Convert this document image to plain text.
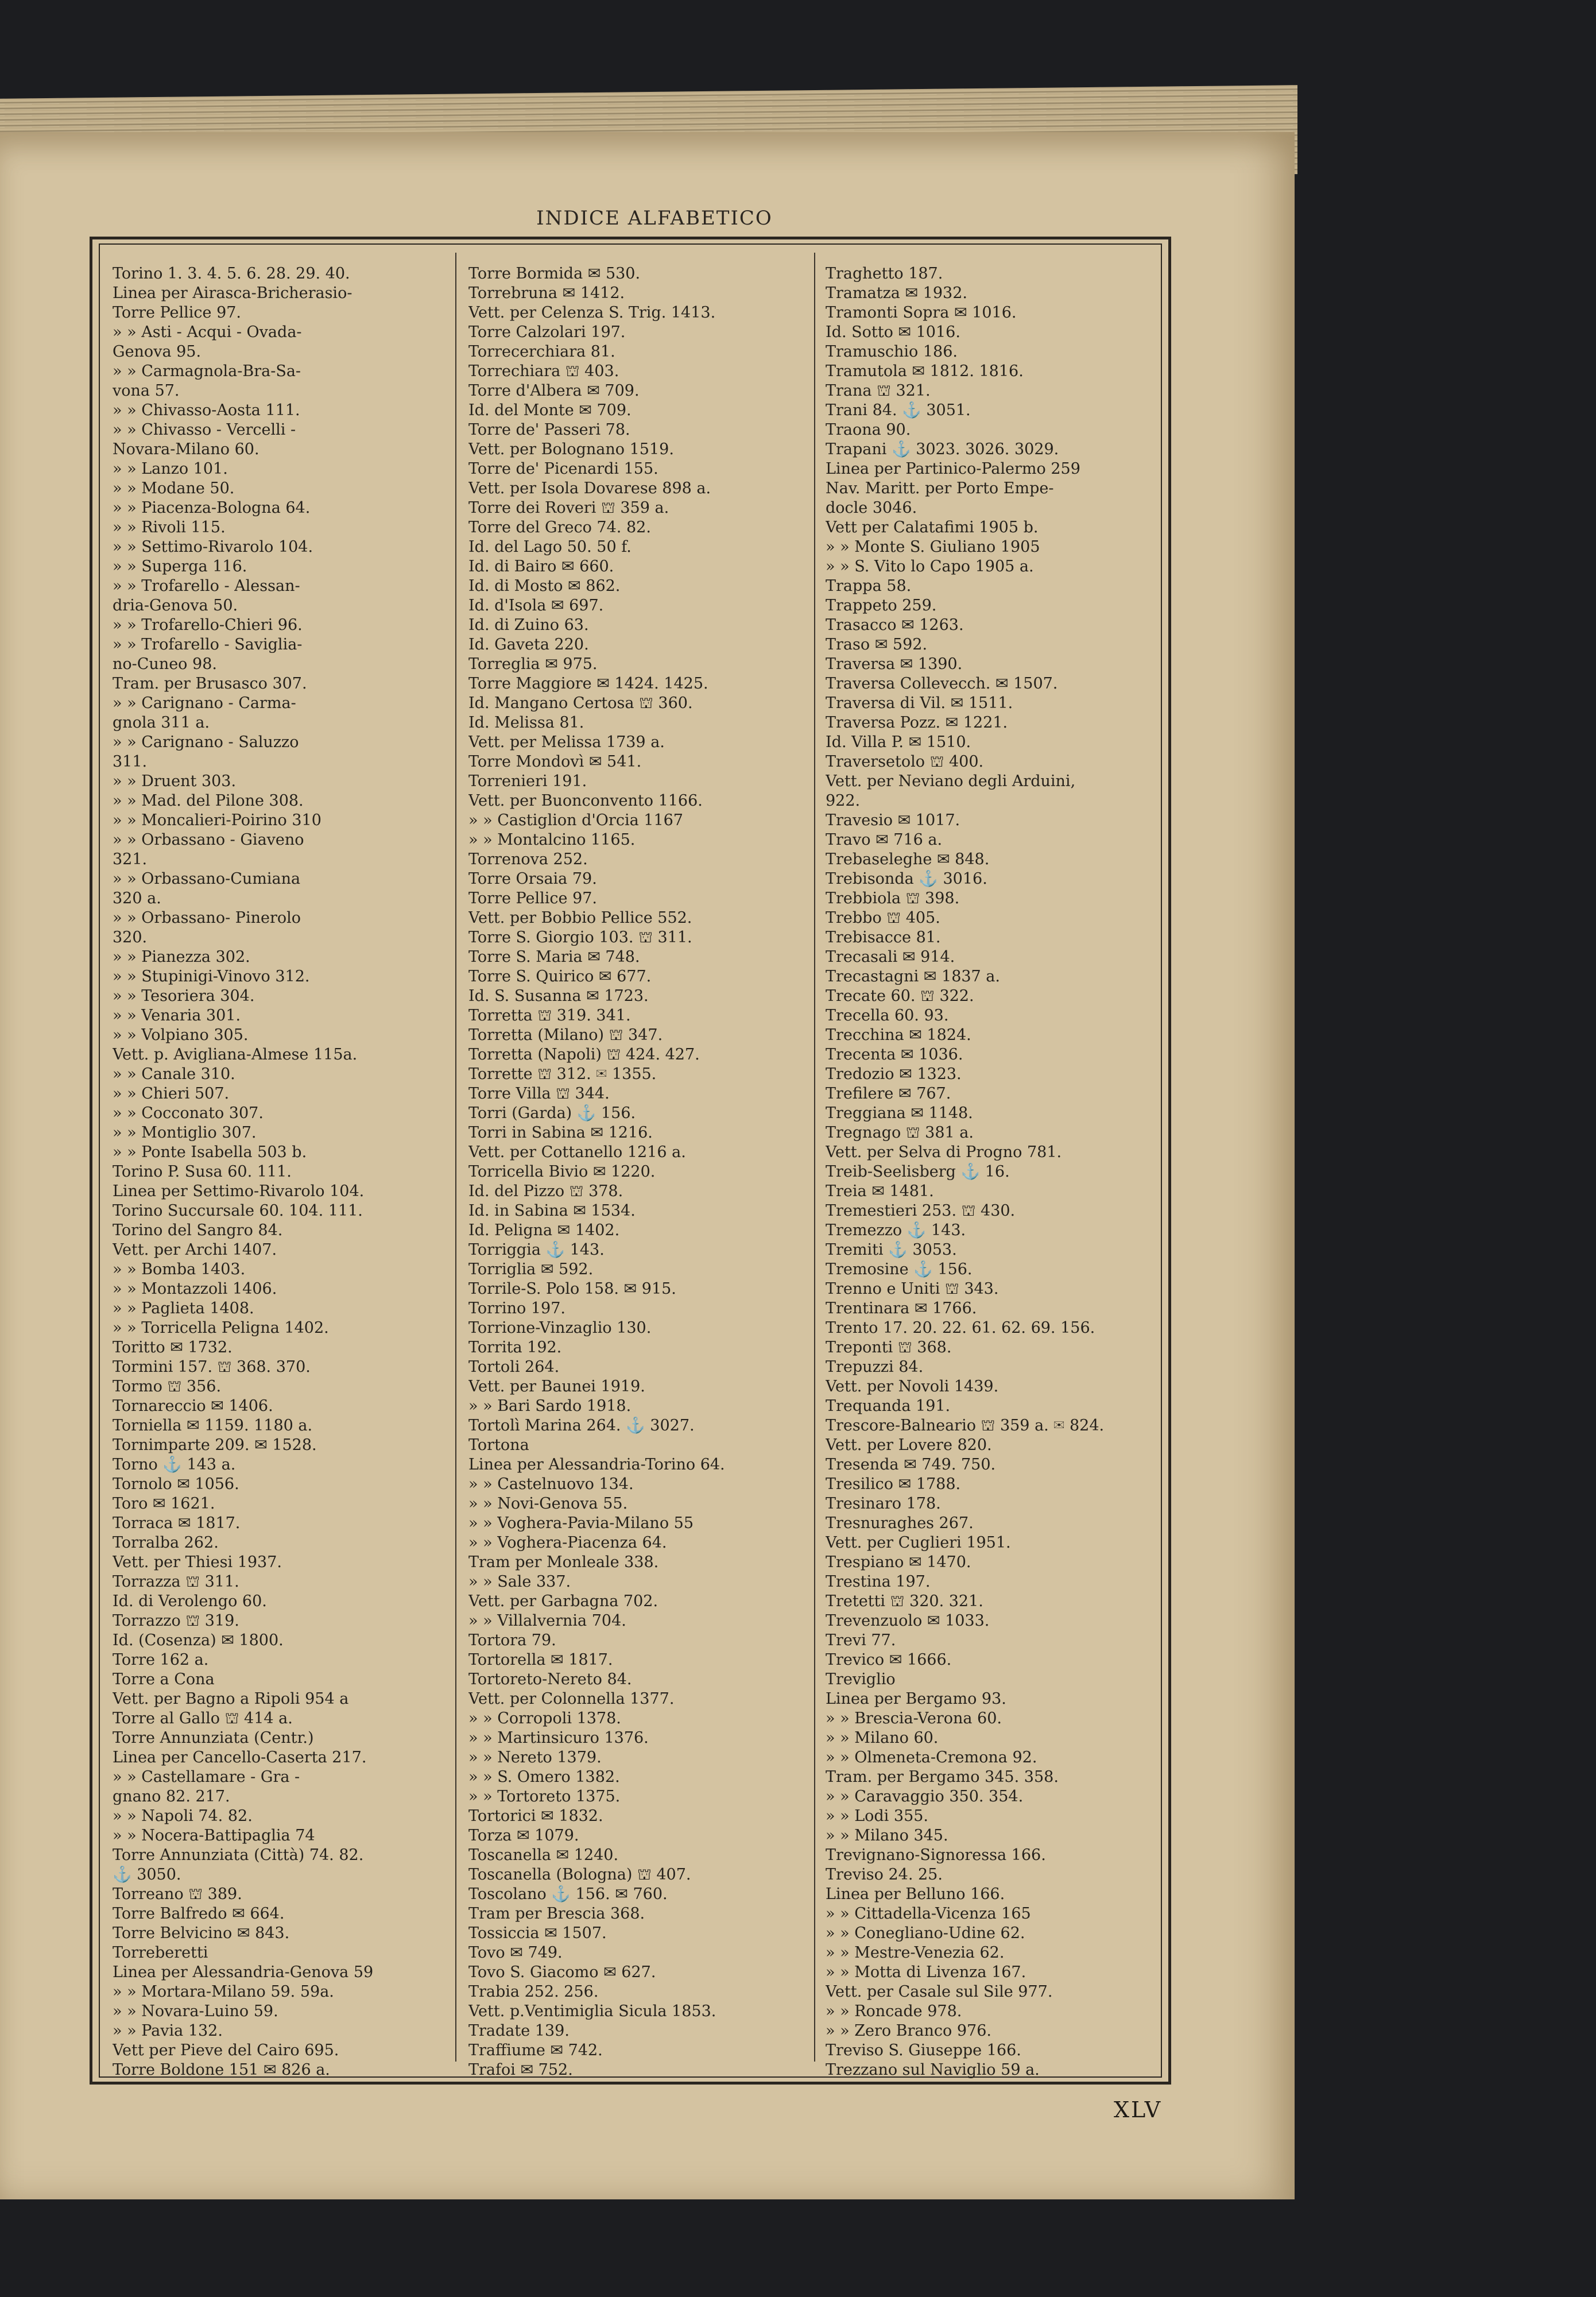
INDICE ALFABETICO
Torino 1. 3. 4. 5. 6. 28. 29. 40.
Linea per Airasca-Bricherasio-
Torre Pellice 97.
» » Asti - Acqui - Ovada-
Genova 95.
» » Carmagnola-Bra-Sa-
vona 57.
» » Chivasso-Aosta 111.
» » Chivasso - Vercelli -
Novara-Milano 60.
» » Lanzo 101.
» » Modane 50.
» » Piacenza-Bologna 64.
» » Rivoli 115.
» » Settimo-Rivarolo 104.
» » Superga 116.
» » Trofarello - Alessan-
dria-Genova 50.
» » Trofarello-Chieri 96.
» » Trofarello - Saviglia-
no-Cuneo 98.
Tram. per Brusasco 307.
» » Carignano - Carma-
gnola 311 a.
» » Carignano - Saluzzo
311.
» » Druent 303.
» » Mad. del Pilone 308.
» » Moncalieri-Poirino 310
» » Orbassano - Giaveno
321.
» » Orbassano-Cumiana
320 a.
» » Orbassano- Pinerolo
320.
» » Pianezza 302.
» » Stupinigi-Vinovo 312.
» » Tesoriera 304.
» » Venaria 301.
» » Volpiano 305.
Vett. p. Avigliana-Almese 115a.
» » Canale 310.
» » Chieri 507.
» » Cocconato 307.
» » Montiglio 307.
» » Ponte Isabella 503 b.
Torino P. Susa 60. 111.
Linea per Settimo-Rivarolo 104.
Torino Succursale 60. 104. 111.
Torino del Sangro 84.
Vett. per Archi 1407.
» » Bomba 1403.
» » Montazzoli 1406.
» » Paglieta 1408.
» » Torricella Peligna 1402.
Toritto ✉ 1732.
Tormini 157. ⛫ 368. 370.
Tormo ⛫ 356.
Tornareccio ✉ 1406.
Torniella ✉ 1159. 1180 a.
Tornimparte 209. ✉ 1528.
Torno ⚓ 143 a.
Tornolo ✉ 1056.
Toro ✉ 1621.
Torraca ✉ 1817.
Torralba 262.
Vett. per Thiesi 1937.
Torrazza ⛫ 311.
Id. di Verolengo 60.
Torrazzo ⛫ 319.
Id. (Cosenza) ✉ 1800.
Torre 162 a.
Torre a Cona
Vett. per Bagno a Ripoli 954 a
Torre al Gallo ⛫ 414 a.
Torre Annunziata (Centr.)
Linea per Cancello-Caserta 217.
» » Castellamare - Gra -
gnano 82. 217.
» » Napoli 74. 82.
» » Nocera-Battipaglia 74
Torre Annunziata (Città) 74. 82.
⚓ 3050.
Torreano ⛫ 389.
Torre Balfredo ✉ 664.
Torre Belvicino ✉ 843.
Torreberetti
Linea per Alessandria-Genova 59
» » Mortara-Milano 59. 59a.
» » Novara-Luino 59.
» » Pavia 132.
Vett per Pieve del Cairo 695.
Torre Boldone 151 ✉ 826 a.
Torre Bormida ✉ 530.
Torrebruna ✉ 1412.
Vett. per Celenza S. Trig. 1413.
Torre Calzolari 197.
Torrecerchiara 81.
Torrechiara ⛫ 403.
Torre d'Albera ✉ 709.
Id. del Monte ✉ 709.
Torre de' Passeri 78.
Vett. per Bolognano 1519.
Torre de' Picenardi 155.
Vett. per Isola Dovarese 898 a.
Torre dei Roveri ⛫ 359 a.
Torre del Greco 74. 82.
Id. del Lago 50. 50 f.
Id. di Bairo ✉ 660.
Id. di Mosto ✉ 862.
Id. d'Isola ✉ 697.
Id. di Zuino 63.
Id. Gaveta 220.
Torreglia ✉ 975.
Torre Maggiore ✉ 1424. 1425.
Id. Mangano Certosa ⛫ 360.
Id. Melissa 81.
Vett. per Melissa 1739 a.
Torre Mondovì ✉ 541.
Torrenieri 191.
Vett. per Buonconvento 1166.
» » Castiglion d'Orcia 1167
» » Montalcino 1165.
Torrenova 252.
Torre Orsaia 79.
Torre Pellice 97.
Vett. per Bobbio Pellice 552.
Torre S. Giorgio 103. ⛫ 311.
Torre S. Maria ✉ 748.
Torre S. Quirico ✉ 677.
Id. S. Susanna ✉ 1723.
Torretta ⛫ 319. 341.
Torretta (Milano) ⛫ 347.
Torretta (Napoli) ⛫ 424. 427.
Torrette ⛫ 312. ✉ 1355.
Torre Villa ⛫ 344.
Torri (Garda) ⚓ 156.
Torri in Sabina ✉ 1216.
Vett. per Cottanello 1216 a.
Torricella Bivio ✉ 1220.
Id. del Pizzo ⛫ 378.
Id. in Sabina ✉ 1534.
Id. Peligna ✉ 1402.
Torriggia ⚓ 143.
Torriglia ✉ 592.
Torrile-S. Polo 158. ✉ 915.
Torrino 197.
Torrione-Vinzaglio 130.
Torrita 192.
Tortoli 264.
Vett. per Baunei 1919.
» » Bari Sardo 1918.
Tortolì Marina 264. ⚓ 3027.
Tortona
Linea per Alessandria-Torino 64.
» » Castelnuovo 134.
» » Novi-Genova 55.
» » Voghera-Pavia-Milano 55
» » Voghera-Piacenza 64.
Tram per Monleale 338.
» » Sale 337.
Vett. per Garbagna 702.
» » Villalvernia 704.
Tortora 79.
Tortorella ✉ 1817.
Tortoreto-Nereto 84.
Vett. per Colonnella 1377.
» » Corropoli 1378.
» » Martinsicuro 1376.
» » Nereto 1379.
» » S. Omero 1382.
» » Tortoreto 1375.
Tortorici ✉ 1832.
Torza ✉ 1079.
Toscanella ✉ 1240.
Toscanella (Bologna) ⛫ 407.
Toscolano ⚓ 156. ✉ 760.
Tram per Brescia 368.
Tossiccia ✉ 1507.
Tovo ✉ 749.
Tovo S. Giacomo ✉ 627.
Trabia 252. 256.
Vett. p.Ventimiglia Sicula 1853.
Tradate 139.
Traffiume ✉ 742.
Trafoi ✉ 752.
Traghetto 187.
Tramatza ✉ 1932.
Tramonti Sopra ✉ 1016.
Id. Sotto ✉ 1016.
Tramuschio 186.
Tramutola ✉ 1812. 1816.
Trana ⛫ 321.
Trani 84. ⚓ 3051.
Traona 90.
Trapani ⚓ 3023. 3026. 3029.
Linea per Partinico-Palermo 259
Nav. Maritt. per Porto Empe-
docle 3046.
Vett per Calatafimi 1905 b.
» » Monte S. Giuliano 1905
» » S. Vito lo Capo 1905 a.
Trappa 58.
Trappeto 259.
Trasacco ✉ 1263.
Traso ✉ 592.
Traversa ✉ 1390.
Traversa Collevecch. ✉ 1507.
Traversa di Vil. ✉ 1511.
Traversa Pozz. ✉ 1221.
Id. Villa P. ✉ 1510.
Traversetolo ⛫ 400.
Vett. per Neviano degli Arduini,
922.
Travesio ✉ 1017.
Travo ✉ 716 a.
Trebaseleghe ✉ 848.
Trebisonda ⚓ 3016.
Trebbiola ⛫ 398.
Trebbo ⛫ 405.
Trebisacce 81.
Trecasali ✉ 914.
Trecastagni ✉ 1837 a.
Trecate 60. ⛫ 322.
Trecella 60. 93.
Trecchina ✉ 1824.
Trecenta ✉ 1036.
Tredozio ✉ 1323.
Trefilere ✉ 767.
Treggiana ✉ 1148.
Tregnago ⛫ 381 a.
Vett. per Selva di Progno 781.
Treib-Seelisberg ⚓ 16.
Treia ✉ 1481.
Tremestieri 253. ⛫ 430.
Tremezzo ⚓ 143.
Tremiti ⚓ 3053.
Tremosine ⚓ 156.
Trenno e Uniti ⛫ 343.
Trentinara ✉ 1766.
Trento 17. 20. 22. 61. 62. 69. 156.
Treponti ⛫ 368.
Trepuzzi 84.
Vett. per Novoli 1439.
Trequanda 191.
Trescore-Balneario ⛫ 359 a. ✉ 824.
Vett. per Lovere 820.
Tresenda ✉ 749. 750.
Tresilico ✉ 1788.
Tresinaro 178.
Tresnuraghes 267.
Vett. per Cuglieri 1951.
Trespiano ✉ 1470.
Trestina 197.
Tretetti ⛫ 320. 321.
Trevenzuolo ✉ 1033.
Trevi 77.
Trevico ✉ 1666.
Treviglio
Linea per Bergamo 93.
» » Brescia-Verona 60.
» » Milano 60.
» » Olmeneta-Cremona 92.
Tram. per Bergamo 345. 358.
» » Caravaggio 350. 354.
» » Lodi 355.
» » Milano 345.
Trevignano-Signoressa 166.
Treviso 24. 25.
Linea per Belluno 166.
» » Cittadella-Vicenza 165
» » Conegliano-Udine 62.
» » Mestre-Venezia 62.
» » Motta di Livenza 167.
Vett. per Casale sul Sile 977.
» » Roncade 978.
» » Zero Branco 976.
Treviso S. Giuseppe 166.
Trezzano sul Naviglio 59 a.
XLV
